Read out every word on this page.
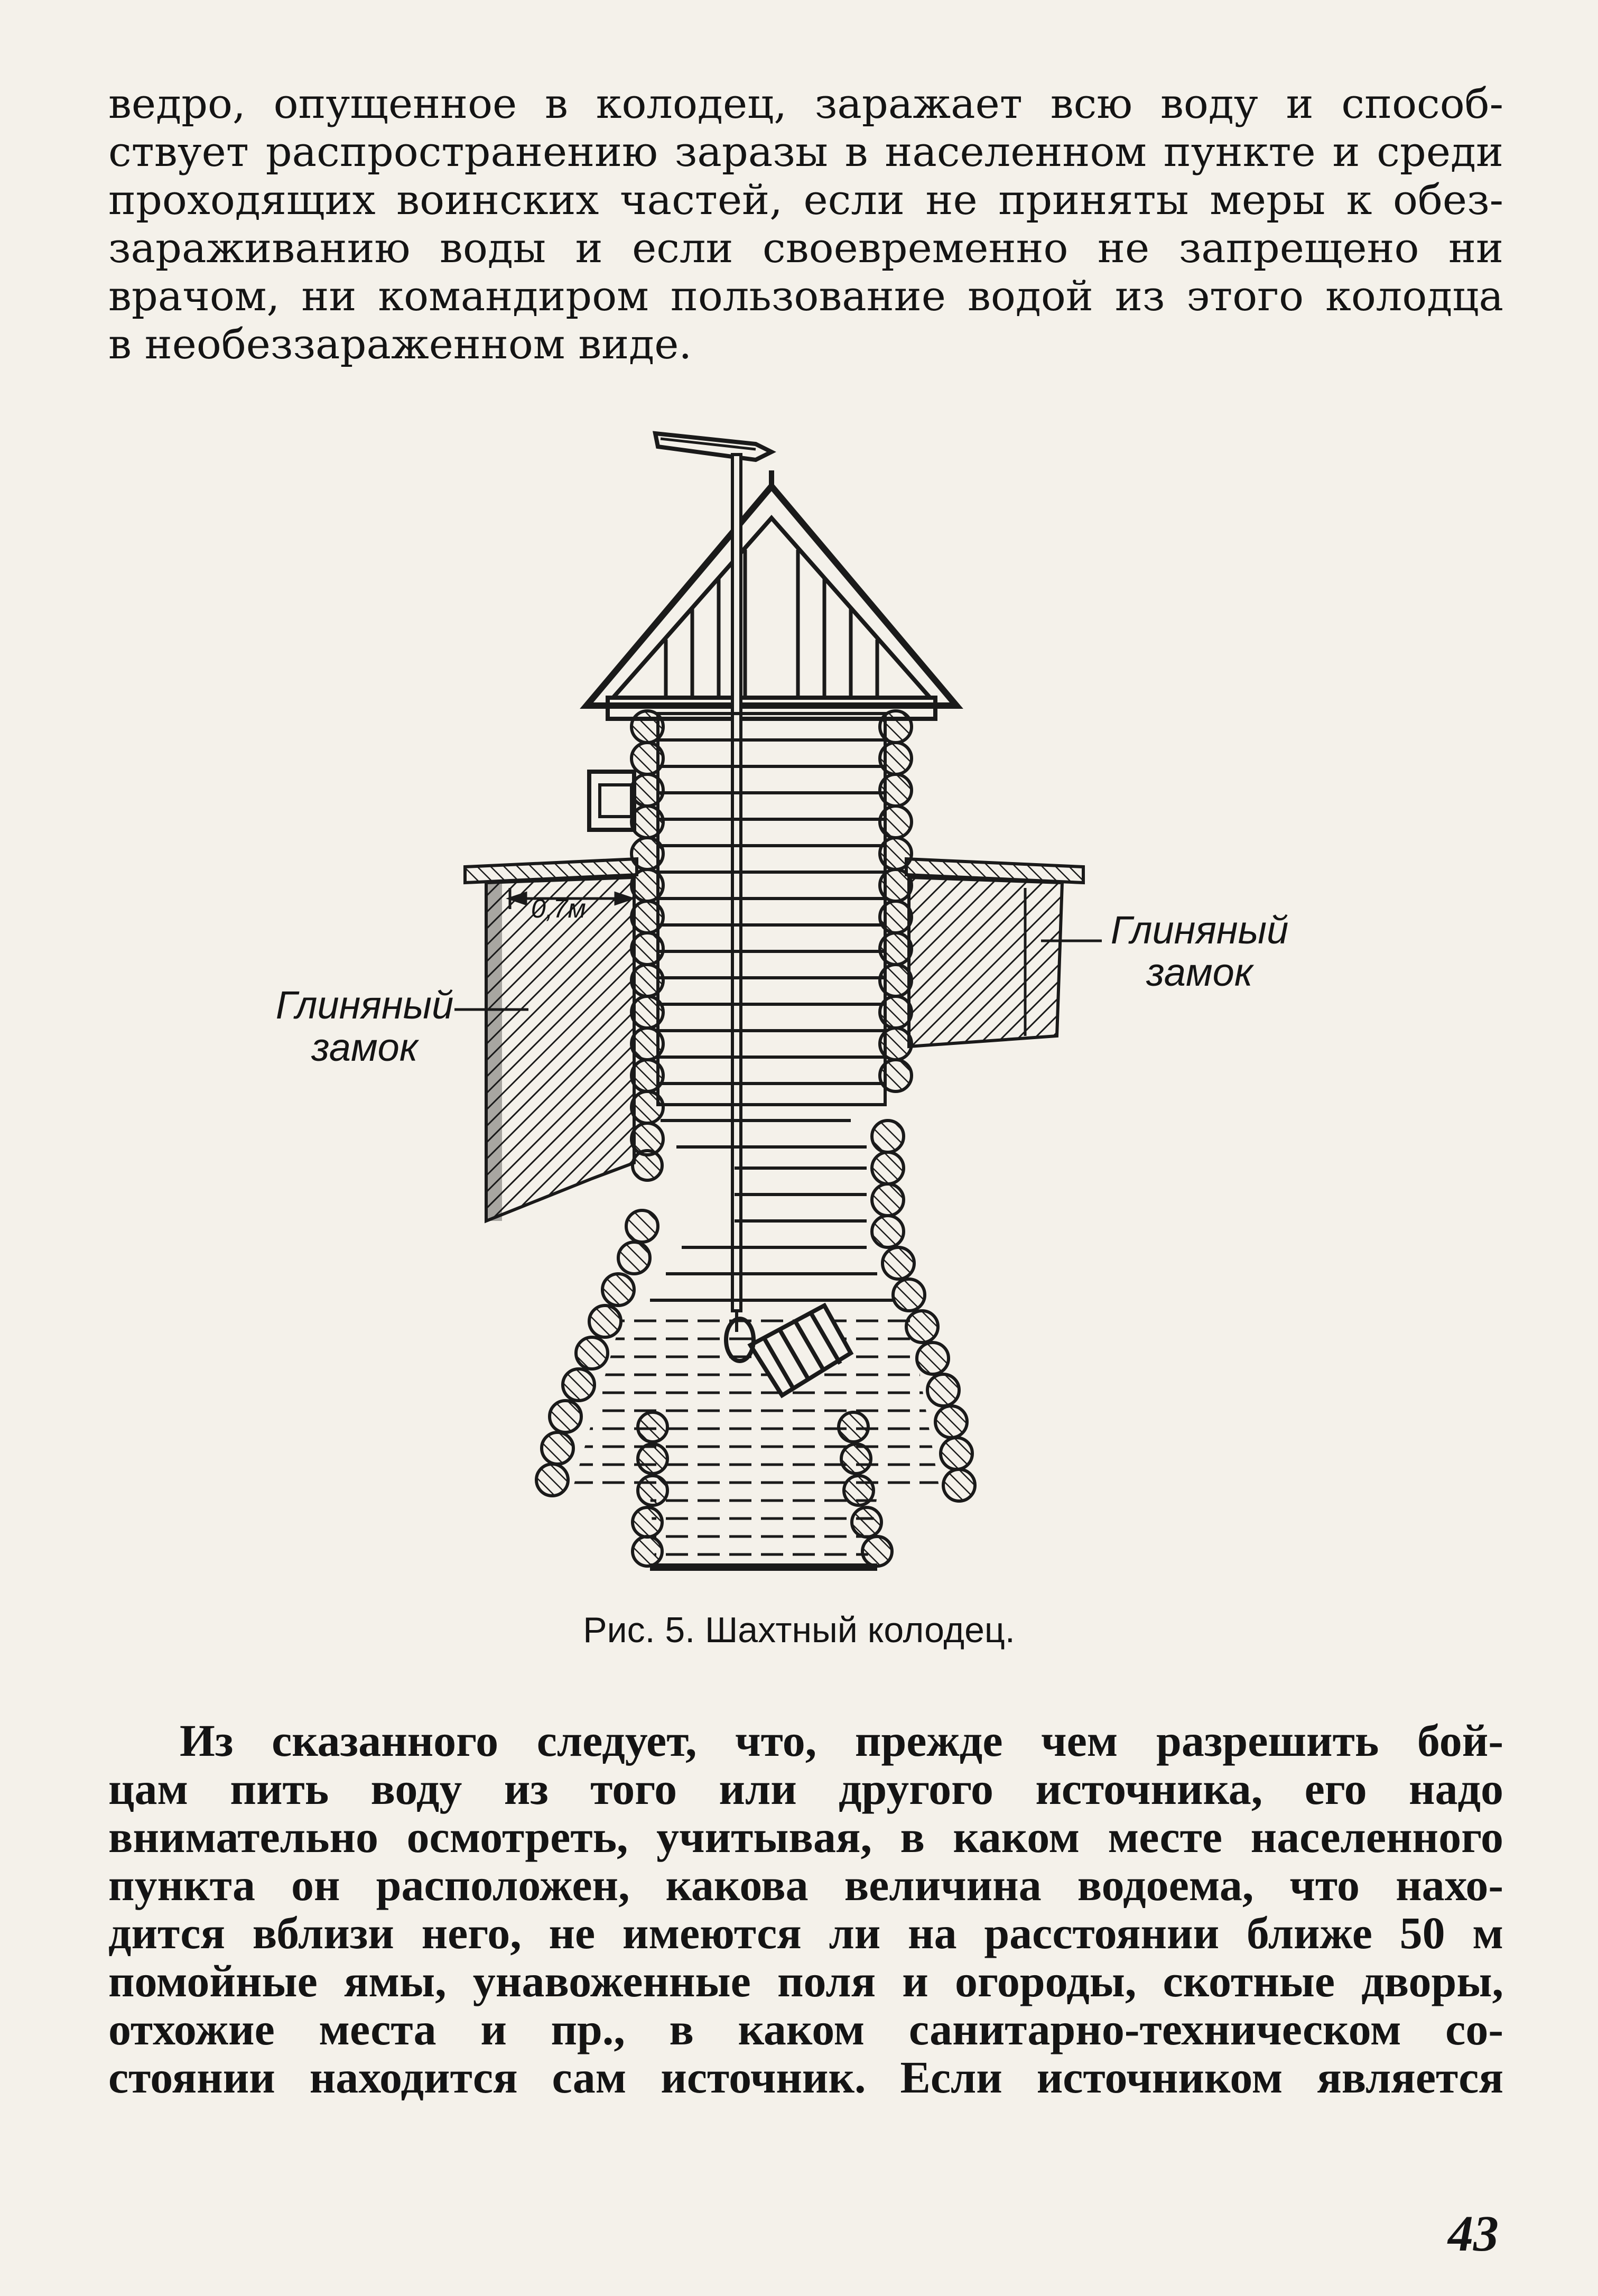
ведро, опущенное в колодец, заражает всю воду и способ-
ствует распространению заразы в населенном пункте и среди
проходящих воинских частей, если не приняты меры к обез-
зараживанию воды и если своевременно не запрещено ни
врачом, ни командиром пользование водой из этого колодца
в необеззараженном виде.
0,7м
Глиняный
замок
Глиняный
замок
Рис. 5. Шахтный колодец.
Из сказанного следует, что, прежде чем разрешить бой-
цам пить воду из того или другого источника, его надо
внимательно осмотреть, учитывая, в каком месте населенного
пункта он расположен, какова величина водоема, что нахо-
дится вблизи него, не имеются ли на расстоянии ближе 50 м
помойные ямы, унавоженные поля и огороды, скотные дворы,
отхожие места и пр., в каком санитарно-техническом со-
стоянии находится сам источник. Если источником является
43
